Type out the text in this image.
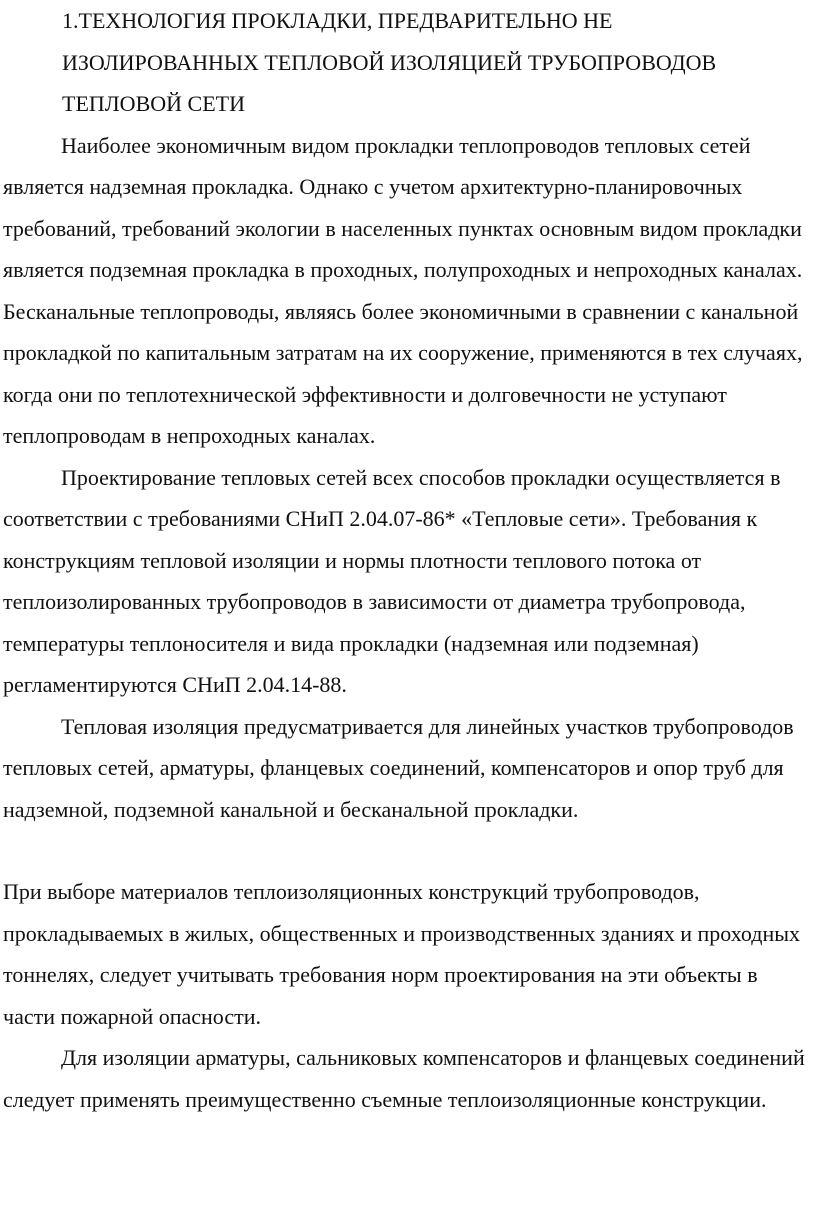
1.ТЕХНОЛОГИЯ ПРОКЛАДКИ, ПРЕДВАРИТЕЛЬНО НЕ
ИЗОЛИРОВАННЫХ ТЕПЛОВОЙ ИЗОЛЯЦИЕЙ ТРУБОПРОВОДОВ
ТЕПЛОВОЙ СЕТИ

Наиболее экономичным видом прокладки теплопроводов тепловых сетей является надземная прокладка. Однако с учетом архитектурно-планировочных требований, требований экологии в населенных пунктах основным видом прокладки является подземная прокладка в проходных, полупроходных и непроходных каналах. Бесканальные теплопроводы, являясь более экономичными в сравнении с канальной прокладкой по капитальным затратам на их сооружение, применяются в тех случаях, когда они по теплотехнической эффективности и долговечности не уступают теплопроводам в непроходных каналах.

Проектирование тепловых сетей всех способов прокладки осуществляется в соответствии с требованиями СНиП 2.04.07-86* «Тепловые сети». Требования к конструкциям тепловой изоляции и нормы плотности теплового потока от теплоизолированных трубопроводов в зависимости от диаметра трубопровода, температуры теплоносителя и вида прокладки (надземная или подземная) регламентируются СНиП 2.04.14-88.

Тепловая изоляция предусматривается для линейных участков трубопроводов тепловых сетей, арматуры, фланцевых соединений, компенсаторов и опор труб для надземной, подземной канальной и бесканальной прокладки.

При выборе материалов теплоизоляционных конструкций трубопроводов, прокладываемых в жилых, общественных и производственных зданиях и проходных тоннелях, следует учитывать требования норм проектирования на эти объекты в части пожарной опасности.

Для изоляции арматуры, сальниковых компенсаторов и фланцевых соединений следует применять преимущественно съемные теплоизоляционные конструкции.
